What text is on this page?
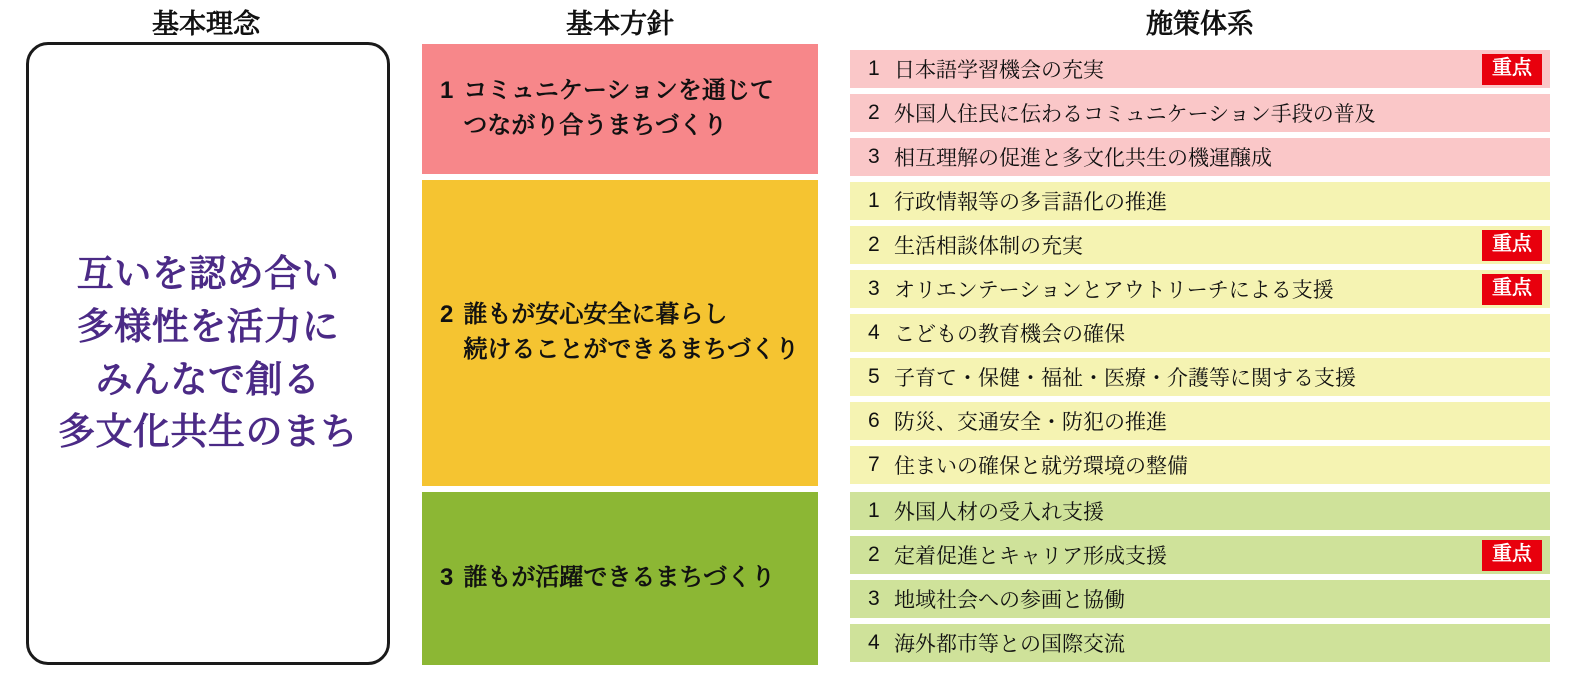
基本理念	基本方針	施策体系
互いを認め合い
多様性を活力に
みんなで創る
多文化共生のまち
1 コミュニケーションを通じて
つながり合うまちづくり
2 誰もが安心安全に暮らし
続けることができるまちづくり
3 誰もが活躍できるまちづくり
1 日本語学習機会の充実	重点
2 外国人住民に伝わるコミュニケーション手段の普及
3 相互理解の促進と多文化共生の機運醸成
1 行政情報等の多言語化の推進
2 生活相談体制の充実	重点
3 オリエンテーションとアウトリーチによる支援	重点
4 こどもの教育機会の確保
5 子育て・保健・福祉・医療・介護等に関する支援
6 防災、交通安全・防犯の推進
7 住まいの確保と就労環境の整備
1 外国人材の受入れ支援
2 定着促進とキャリア形成支援	重点
3 地域社会への参画と協働
4 海外都市等との国際交流
